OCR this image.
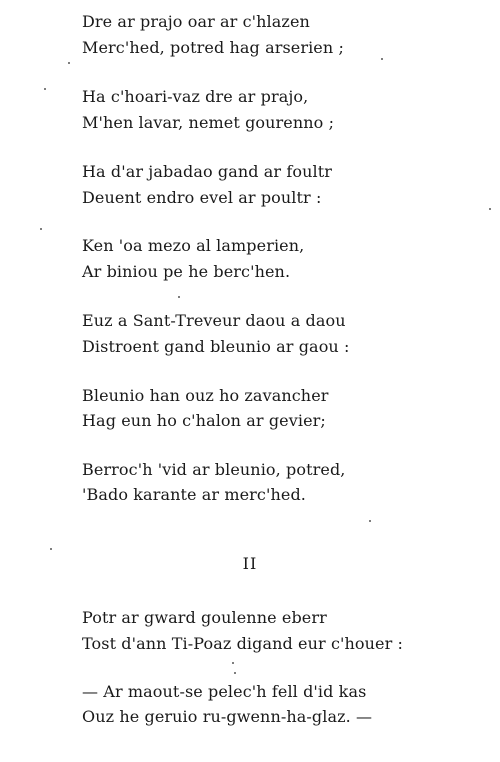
Dre ar prajo oar ar c'hlazen
Merc'hed, potred hag arserien ;
Ha c'hoari-vaz dre ar prajo,
M'hen lavar, nemet gourenno ;
Ha d'ar jabadao gand ar foultr
Deuent endro evel ar poultr :
Ken 'oa mezo al lamperien,
Ar biniou pe he berc'hen.
Euz a Sant-Treveur daou a daou
Distroent gand bleunio ar gaou :
Bleunio han ouz ho zavancher
Hag eun ho c'halon ar gevier;
Berroc'h 'vid ar bleunio, potred,
'Bado karante ar merc'hed.
II
Potr ar gward goulenne eberr
Tost d'ann Ti-Poaz digand eur c'houer :
— Ar maout-se pelec'h fell d'id kas
Ouz he geruio ru-gwenn-ha-glaz. —
